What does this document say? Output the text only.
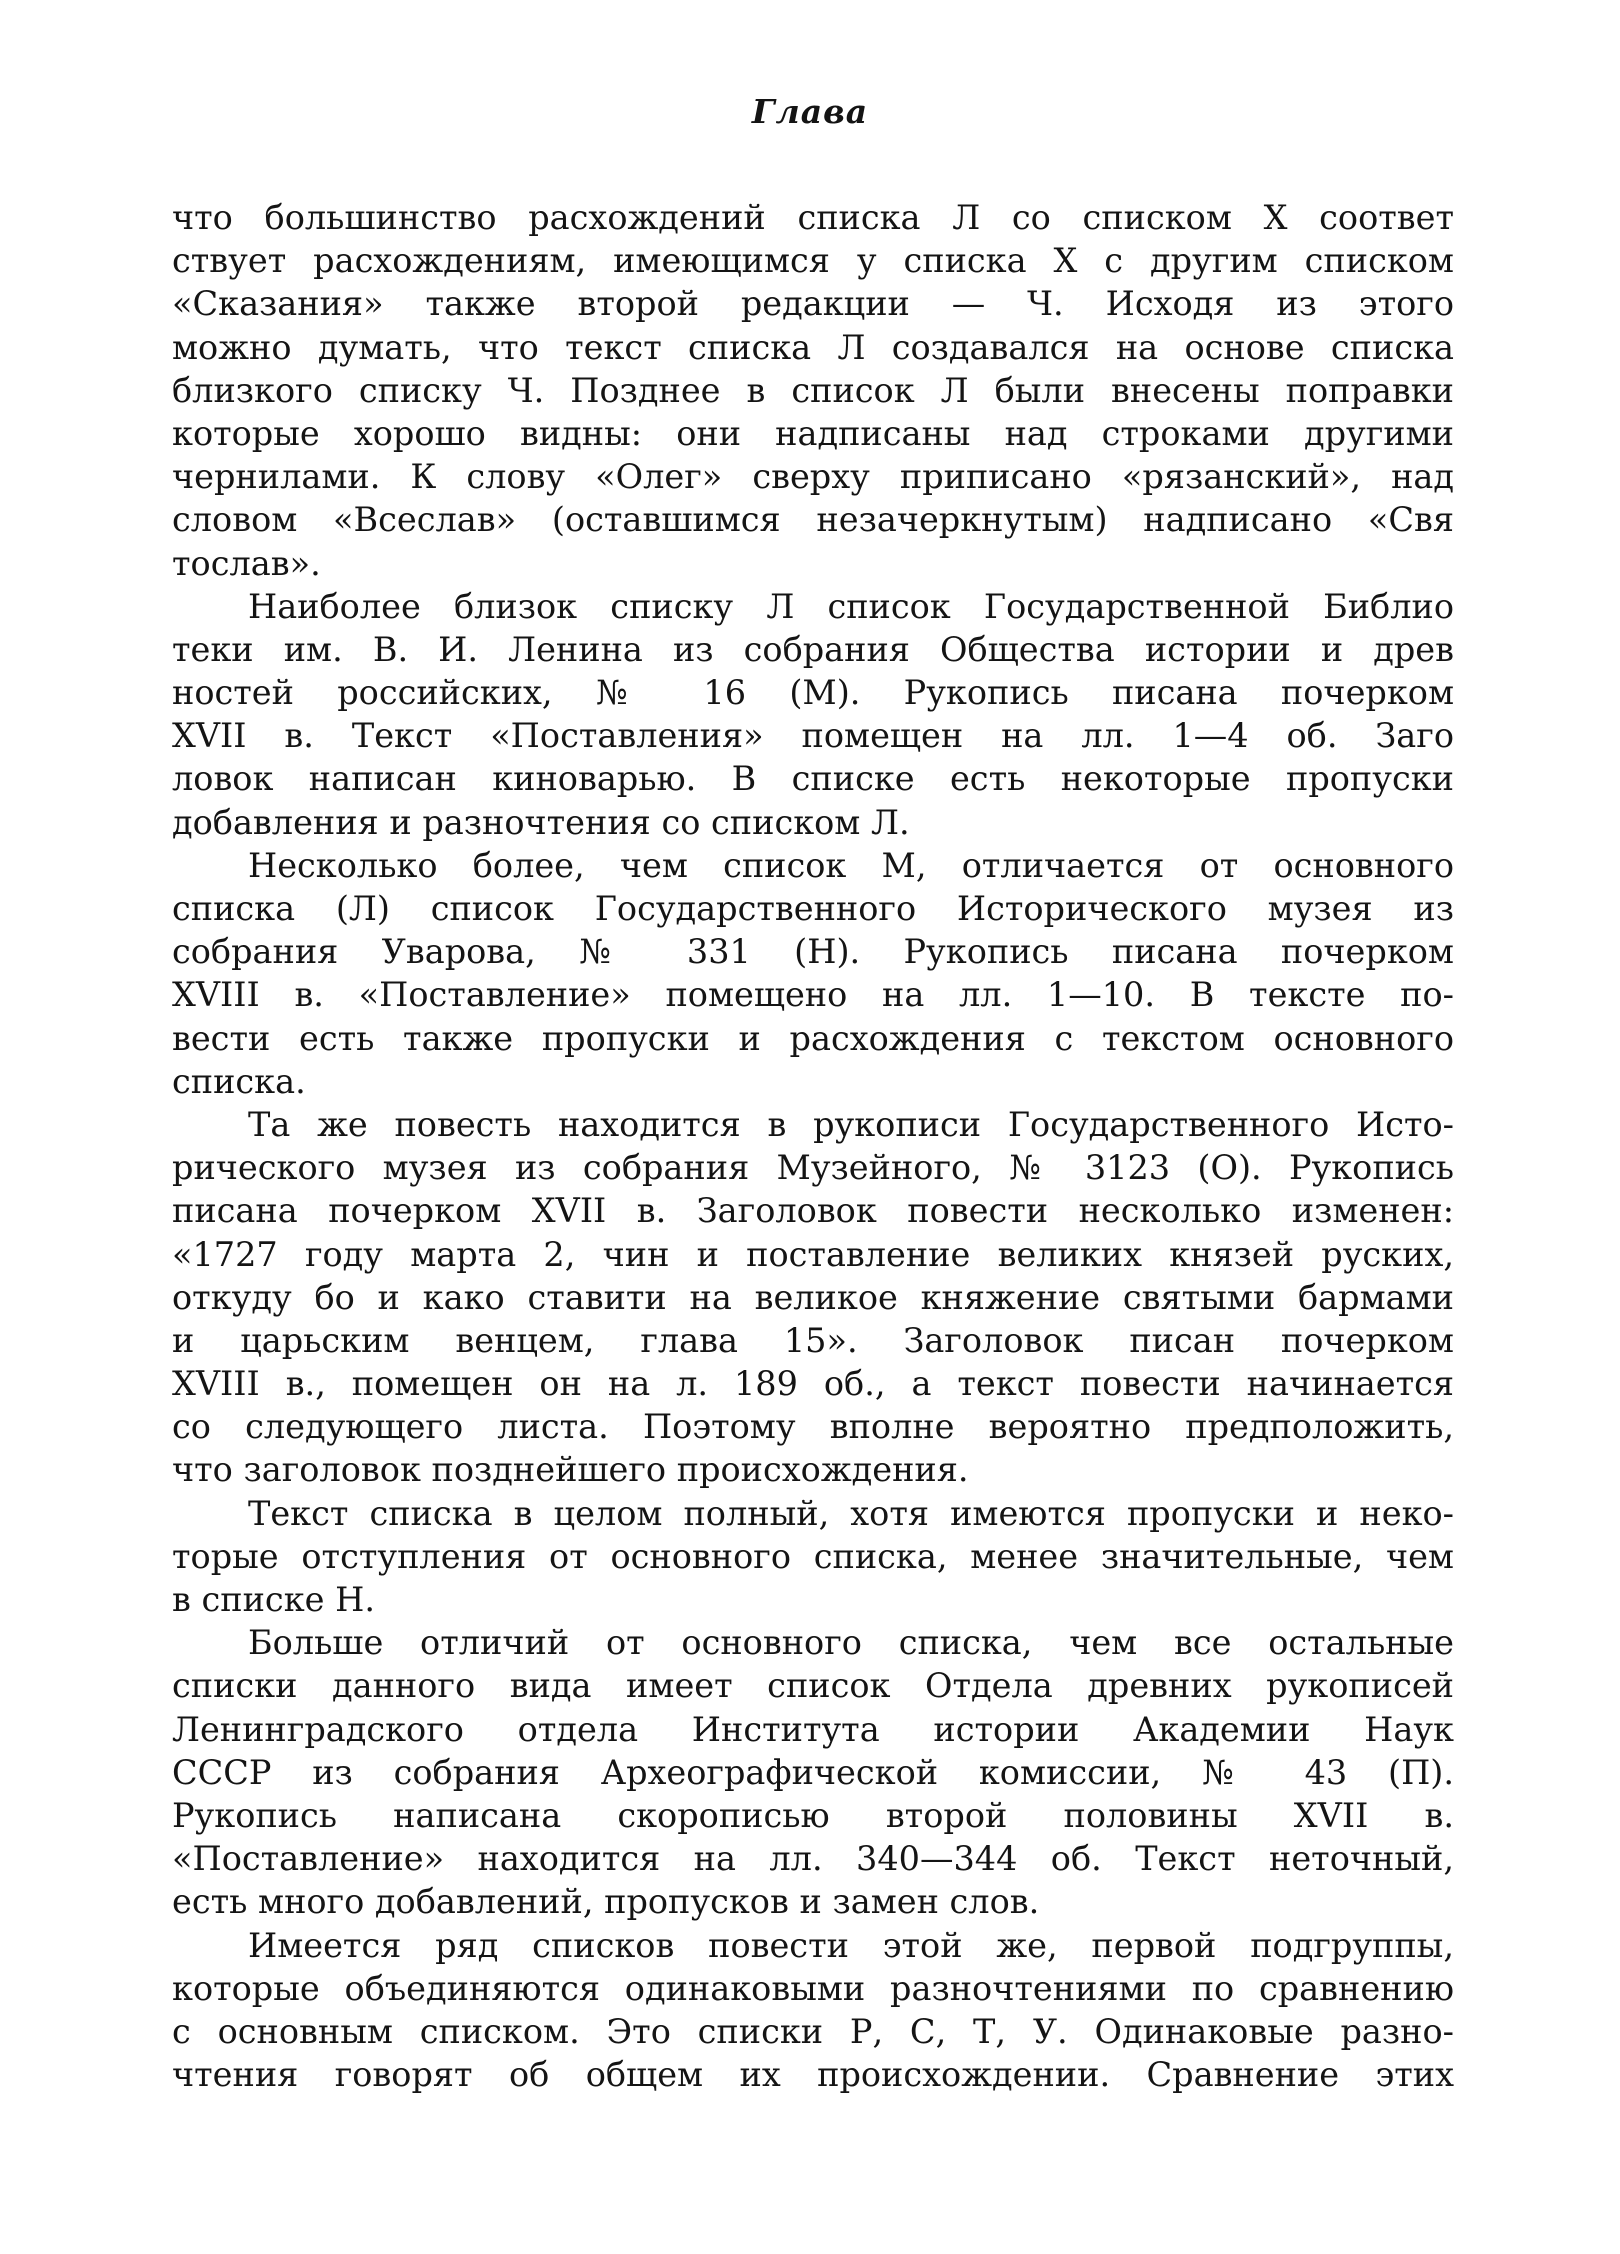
Глава
что большинство расхождений списка Л со списком Х соответ
ствует расхождениям, имеющимся у списка Х с другим списком
«Сказания» также второй редакции — Ч. Исходя из этого
можно думать, что текст списка Л создавался на основе списка
близкого списку Ч. Позднее в список Л были внесены поправки
которые хорошо видны: они надписаны над строками другими
чернилами. К слову «Олег» сверху приписано «рязанский», над
словом «Всеслав» (оставшимся незачеркнутым) надписано «Свя
тослав».
Наиболее близок списку Л список Государственной Библио
теки им. В. И. Ленина из собрания Общества истории и древ
ностей российских, № 16 (М). Рукопись писана почерком
XVII в. Текст «Поставления» помещен на лл. 1—4 об. Заго
ловок написан киноварью. В списке есть некоторые пропуски
добавления и разночтения со списком Л.
Несколько более, чем список М, отличается от основного
списка (Л) список Государственного Исторического музея из
собрания Уварова, № 331 (Н). Рукопись писана почерком
XVIII в. «Поставление» помещено на лл. 1—10. В тексте по-
вести есть также пропуски и расхождения с текстом основного
списка.
Та же повесть находится в рукописи Государственного Исто-
рического музея из собрания Музейного, № 3123 (О). Рукопись
писана почерком XVII в. Заголовок повести несколько изменен:
«1727 году марта 2, чин и поставление великих князей руских,
откуду бо и како ставити на великое княжение святыми бармами
и царьским венцем, глава 15». Заголовок писан почерком
XVIII в., помещен он на л. 189 об., а текст повести начинается
со следующего листа. Поэтому вполне вероятно предположить,
что заголовок позднейшего происхождения.
Текст списка в целом полный, хотя имеются пропуски и неко-
торые отступления от основного списка, менее значительные, чем
в списке Н.
Больше отличий от основного списка, чем все остальные
списки данного вида имеет список Отдела древних рукописей
Ленинградского отдела Института истории Академии Наук
СССР из собрания Археографической комиссии, № 43 (П).
Рукопись написана скорописью второй половины XVII в.
«Поставление» находится на лл. 340—344 об. Текст неточный,
есть много добавлений, пропусков и замен слов.
Имеется ряд списков повести этой же, первой подгруппы,
которые объединяются одинаковыми разночтениями по сравнению
с основным списком. Это списки Р, С, Т, У. Одинаковые разно-
чтения говорят об общем их происхождении. Сравнение этих
